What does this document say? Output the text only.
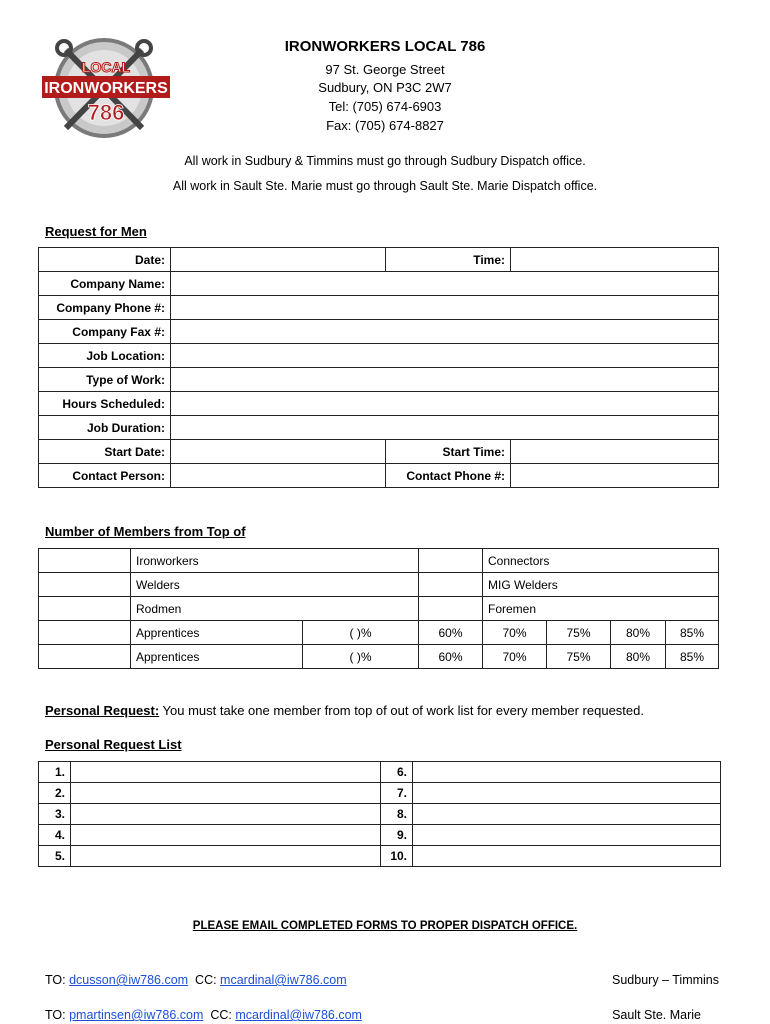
LOCAL
IRONWORKERS
786
IRONWORKERS LOCAL 786
97 St. George Street
Sudbury, ON P3C 2W7
Tel: (705) 674-6903
Fax: (705) 674-8827
All work in Sudbury & Timmins must go through Sudbury Dispatch office.
All work in Sault Ste. Marie must go through Sault Ste. Marie Dispatch office.
Request for Men
Date:		Time:	
Company Name:			
Company Phone #:			
Company Fax #:			
Job Location:			
Type of Work:			
Hours Scheduled:			
Job Duration:			
Start Date:		Start Time:	
Contact Person:		Contact Phone #:	
Number of Members from Top of
	Ironworkers			Connectors			
	Welders			MIG Welders			
	Rodmen			Foremen			
	Apprentices	( )%	60%	70%	75%	80%	85%
	Apprentices	( )%	60%	70%	75%	80%	85%
Personal Request: You must take one member from top of out of work list for every member requested.
Personal Request List
1.		6.	
2.		7.	
3.		8.	
4.		9.	
5.		10.	
PLEASE EMAIL COMPLETED FORMS TO PROPER DISPATCH OFFICE.
TO: dcusson@iw786.com  CC: mcardinal@iw786.com	Sudbury – Timmins
TO: pmartinsen@iw786.com  CC: mcardinal@iw786.com	Sault Ste. Marie
